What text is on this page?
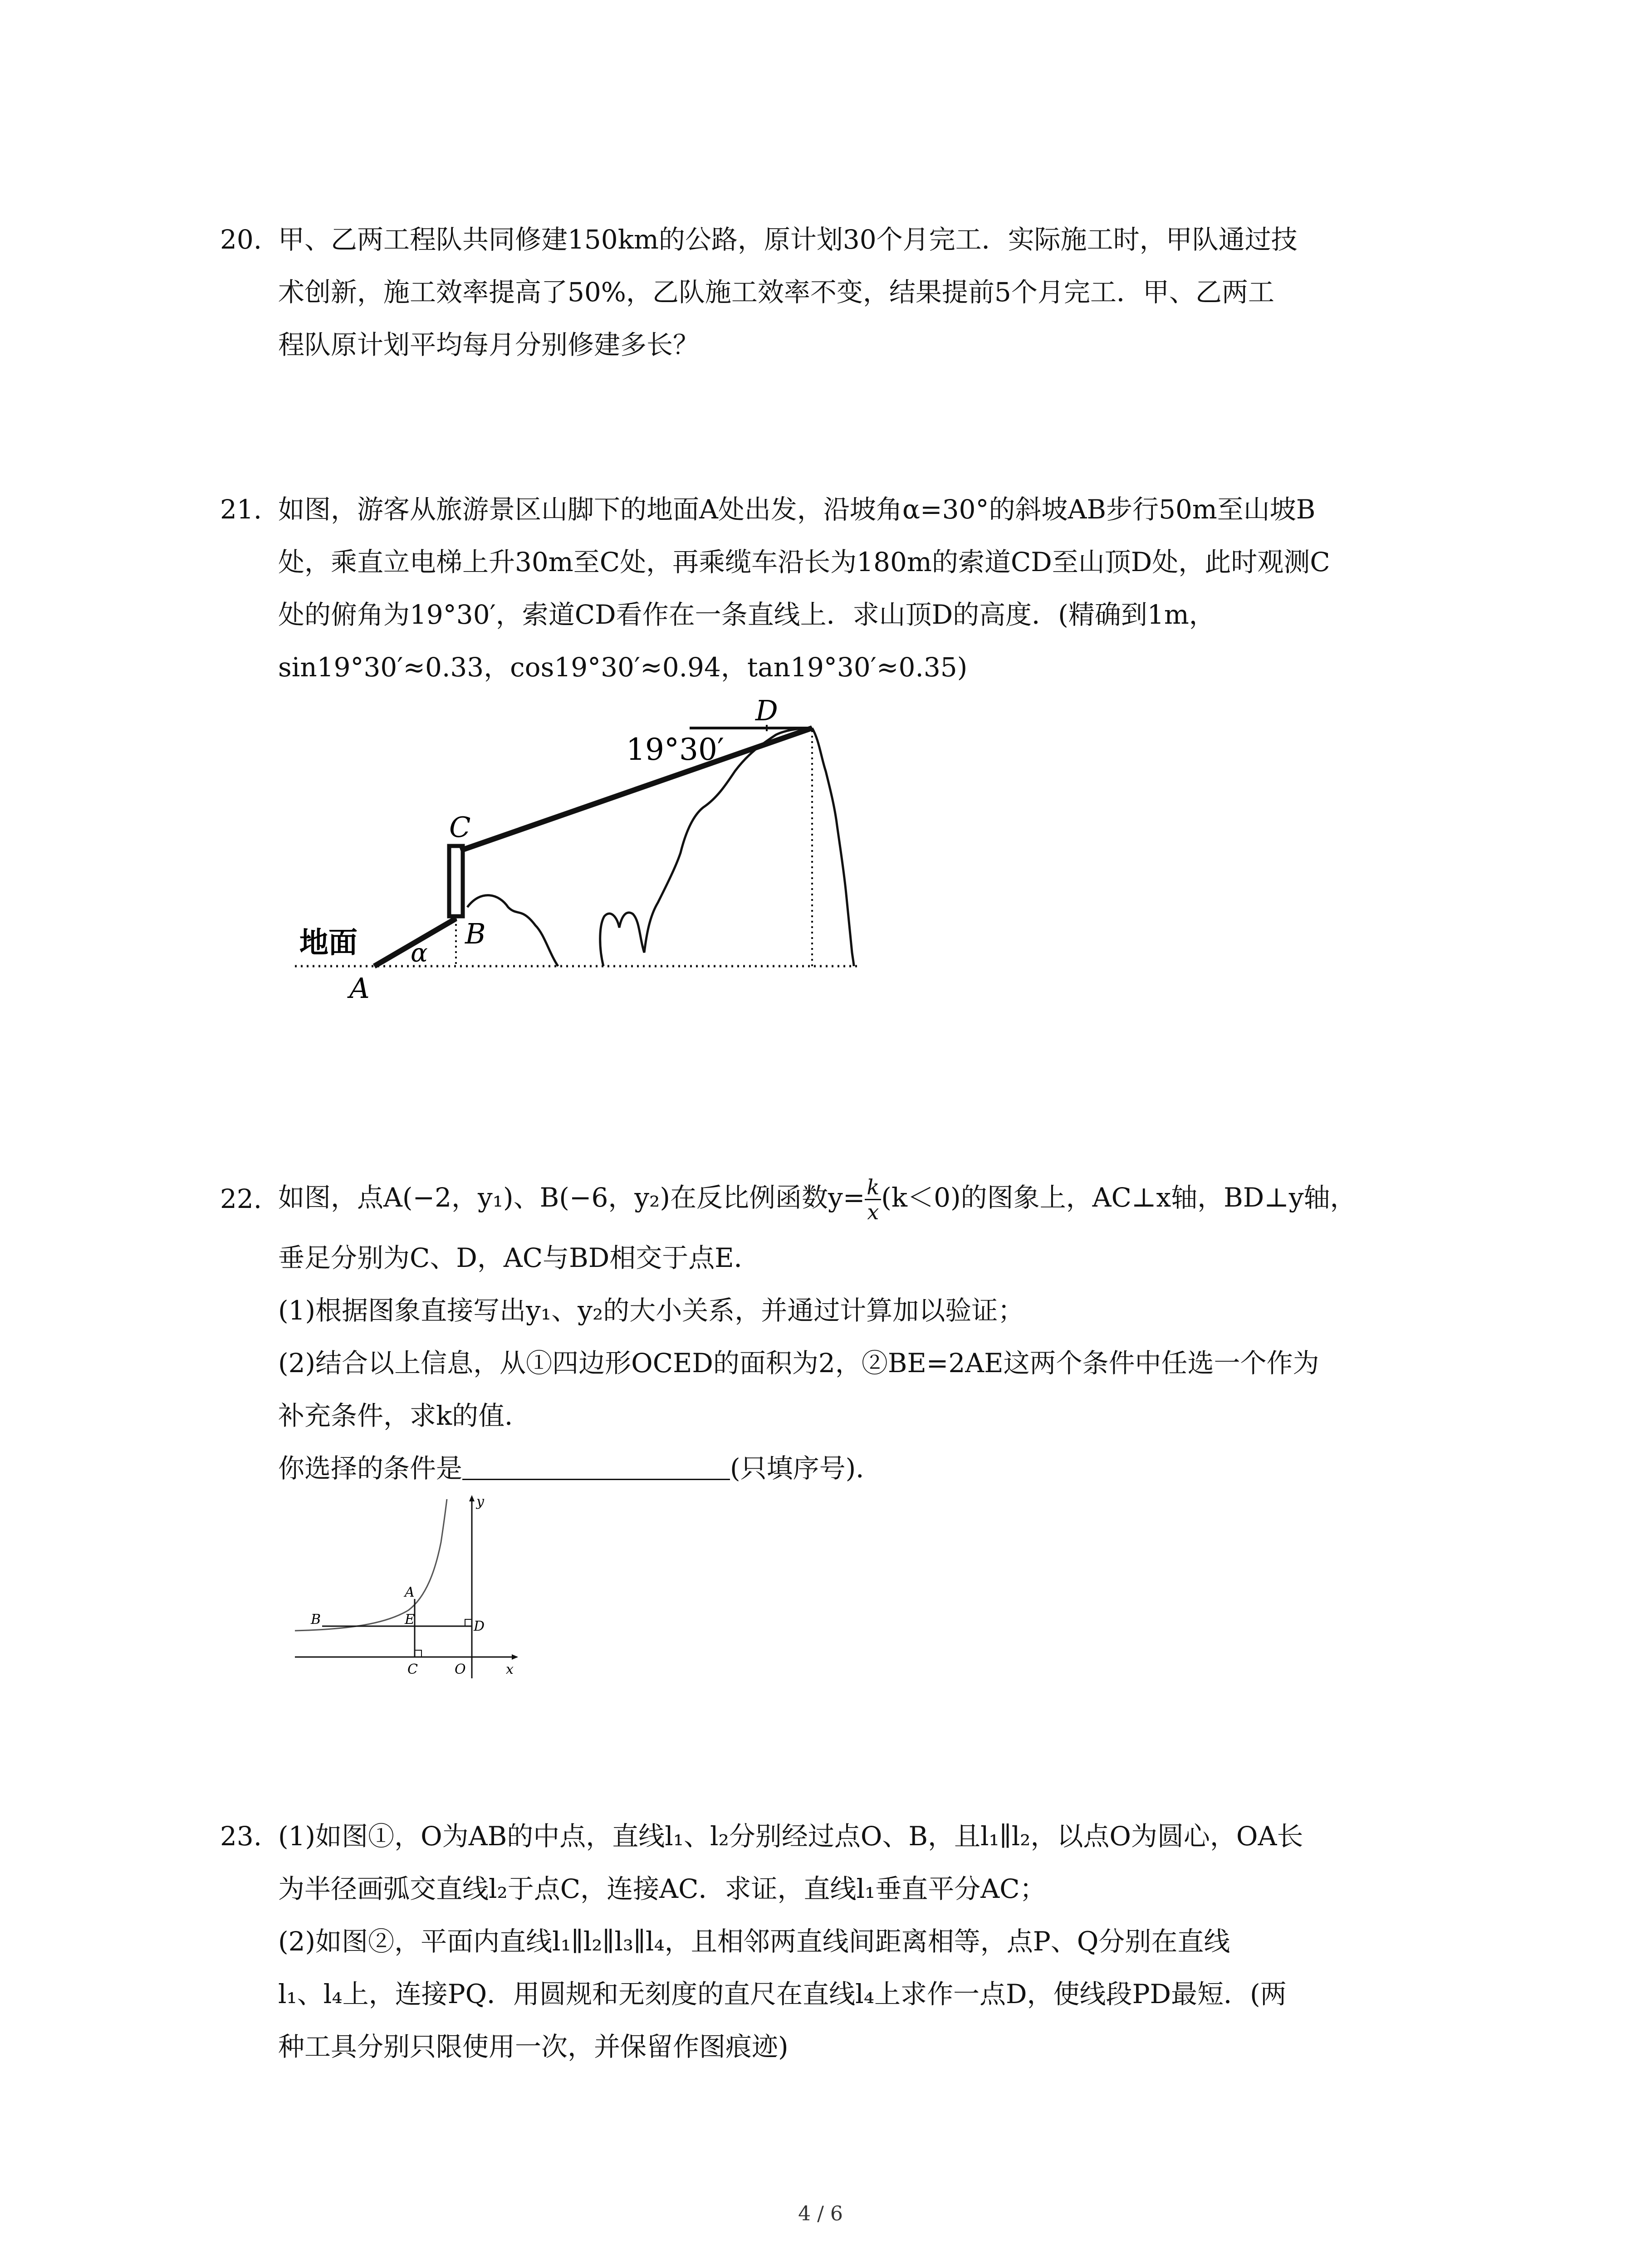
20. 甲、乙两工程队共同修建150km的公路，原计划30个月完工．实际施工时，甲队通过技
术创新，施工效率提高了50%，乙队施工效率不变，结果提前5个月完工．甲、乙两工
程队原计划平均每月分别修建多长？
21. 如图，游客从旅游景区山脚下的地面A处出发，沿坡角α=30°的斜坡AB步行50m至山坡B
处，乘直立电梯上升30m至C处，再乘缆车沿长为180m的索道CD至山顶D处，此时观测C
处的俯角为19°30′，索道CD看作在一条直线上．求山顶D的高度．(精确到1m，
sin19°30′≈0.33，cos19°30′≈0.94，tan19°30′≈0.35)
D
C
B
A
α
地面
19°30′
22. 如图，点A(−2，y₁)、B(−6，y₂)在反比例函数$y= \frac{k}{x} (k<0)$的图象上，AC⊥x轴，BD⊥y轴，
垂足分别为C、D，AC与BD相交于点E．
(1)根据图象直接写出y₁、y₂的大小关系，并通过计算加以验证；
(2)结合以上信息，从①四边形OCED的面积为2，②BE=2AE这两个条件中任选一个作为
补充条件，求k的值．
你选择的条件是	(只填序号)．
y
x
A
B	E	D
C	O
23. (1)如图①，O为AB的中点，直线l₁、l₂分别经过点O、B，且l₁∥l₂，以点O为圆心，OA长
为半径画弧交直线l₂于点C，连接AC．求证，直线l₁垂直平分AC；
(2)如图②，平面内直线l₁∥l₂∥l₃∥l₄，且相邻两直线间距离相等，点P、Q分别在直线
l₁、l₄上，连接PQ．用圆规和无刻度的直尺在直线l₄上求作一点D，使线段PD最短．(两
种工具分别只限使用一次，并保留作图痕迹)
4 / 6
